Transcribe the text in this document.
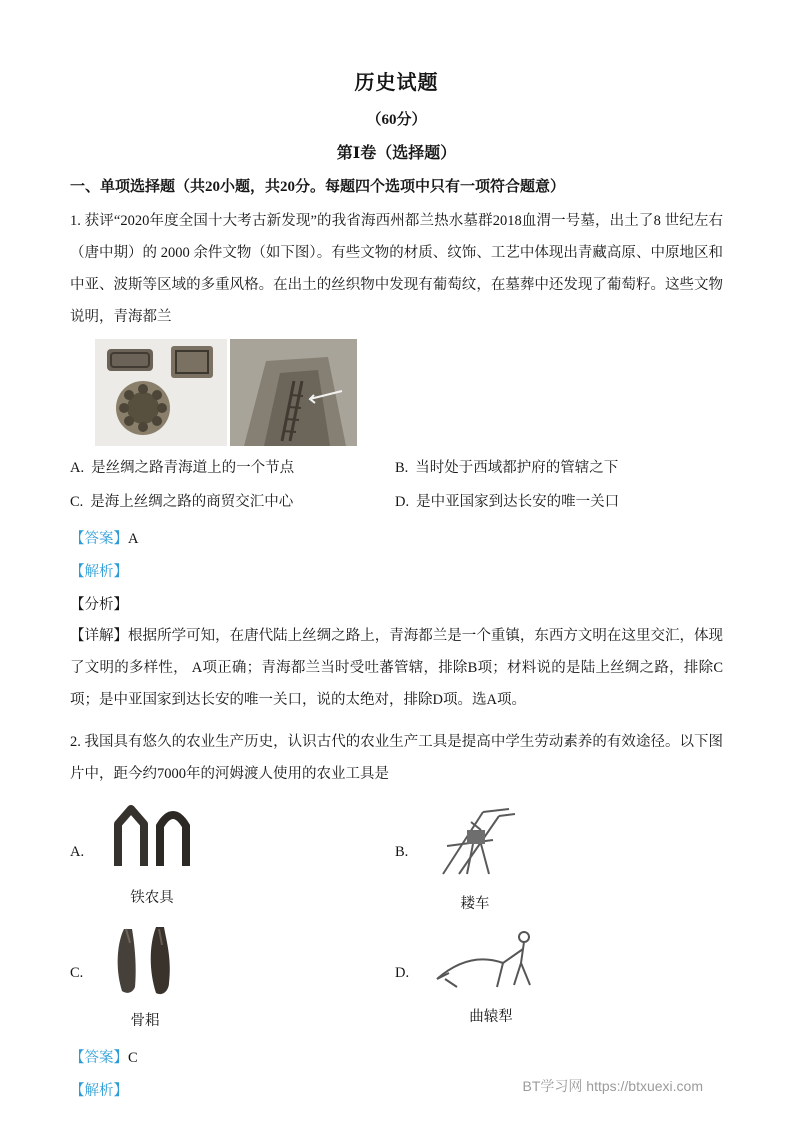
历史试题
（60分）
第Ⅰ卷（选择题）
一、单项选择题（共20小题，共20分。每题四个选项中只有一项符合题意）

1. 获评“2020年度全国十大考古新发现”的我省海西州都兰热水墓群2018血渭一号墓，出土了8 世纪左右（唐中期）的 2000 余件文物（如下图）。有些文物的材质、纹饰、工艺中体现出青藏高原、中原地区和中亚、波斯等区域的多重风格。在出土的丝织物中发现有葡萄纹，在墓葬中还发现了葡萄籽。这些文物说明，青海都兰

A. 是丝绸之路青海道上的一个节点	B. 当时处于西域都护府的管辖之下
C. 是海上丝绸之路的商贸交汇中心	D. 是中亚国家到达长安的唯一关口

【答案】A

【解析】

【分析】

【详解】根据所学可知，在唐代陆上丝绸之路上，青海都兰是一个重镇，东西方文明在这里交汇，体现了文明的多样性， A项正确；青海都兰当时受吐蕃管辖，排除B项；材料说的是陆上丝绸之路，排除C项；是中亚国家到达长安的唯一关口，说的太绝对，排除D项。选A项。

2. 我国具有悠久的农业生产历史，认识古代的农业生产工具是提高中学生劳动素养的有效途径。以下图片中，距今约7000年的河姆渡人使用的农业工具是

A.
铁农具
B.
耧车
C.
骨耜
D.
曲辕犁

【答案】C

【解析】	BT学习网 https://btxuexi.com
